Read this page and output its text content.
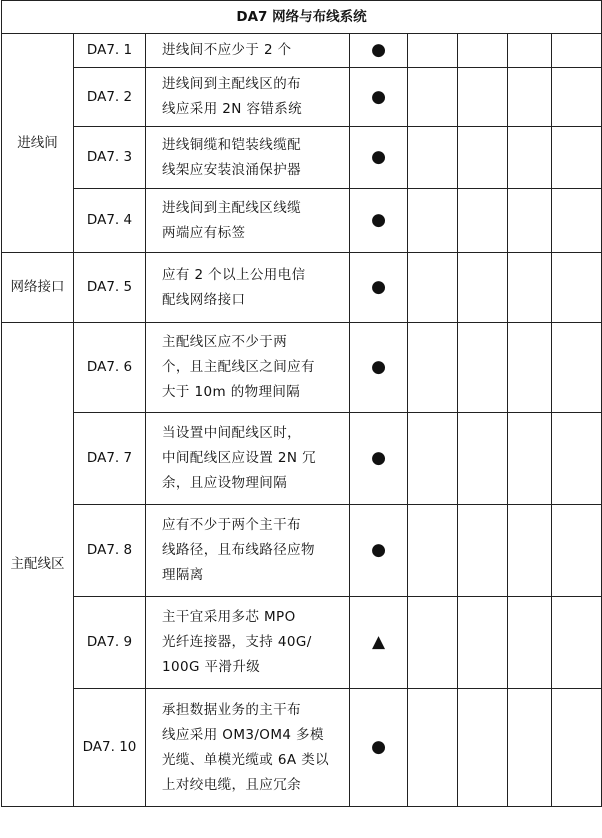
DA7 网络与布线系统							
进线间	DA7. 1	进线间不应少于 2 个	●				
	DA7. 2	进线间到主配线区的布
线应采用 2N 容错系统	●				
	DA7. 3	进线铜缆和铠装线缆配
线架应安装浪涌保护器	●				
	DA7. 4	进线间到主配线区线缆
两端应有标签	●				
网络接口	DA7. 5	应有 2 个以上公用电信
配线网络接口	●				
主配线区	DA7. 6	主配线区应不少于两
个，且主配线区之间应有
大于 10m 的物理间隔	●				
	DA7. 7	当设置中间配线区时，
中间配线区应设置 2N 冗
余，且应设物理间隔	●				
	DA7. 8	应有不少于两个主干布
线路径，且布线路径应物
理隔离	●				
	DA7. 9	主干宜采用多芯 MPO
光纤连接器，支持 40G/
100G 平滑升级	▲				
	DA7. 10	承担数据业务的主干布
线应采用 OM3/OM4 多模
光缆、单模光缆或 6A 类以
上对绞电缆，且应冗余	●				
